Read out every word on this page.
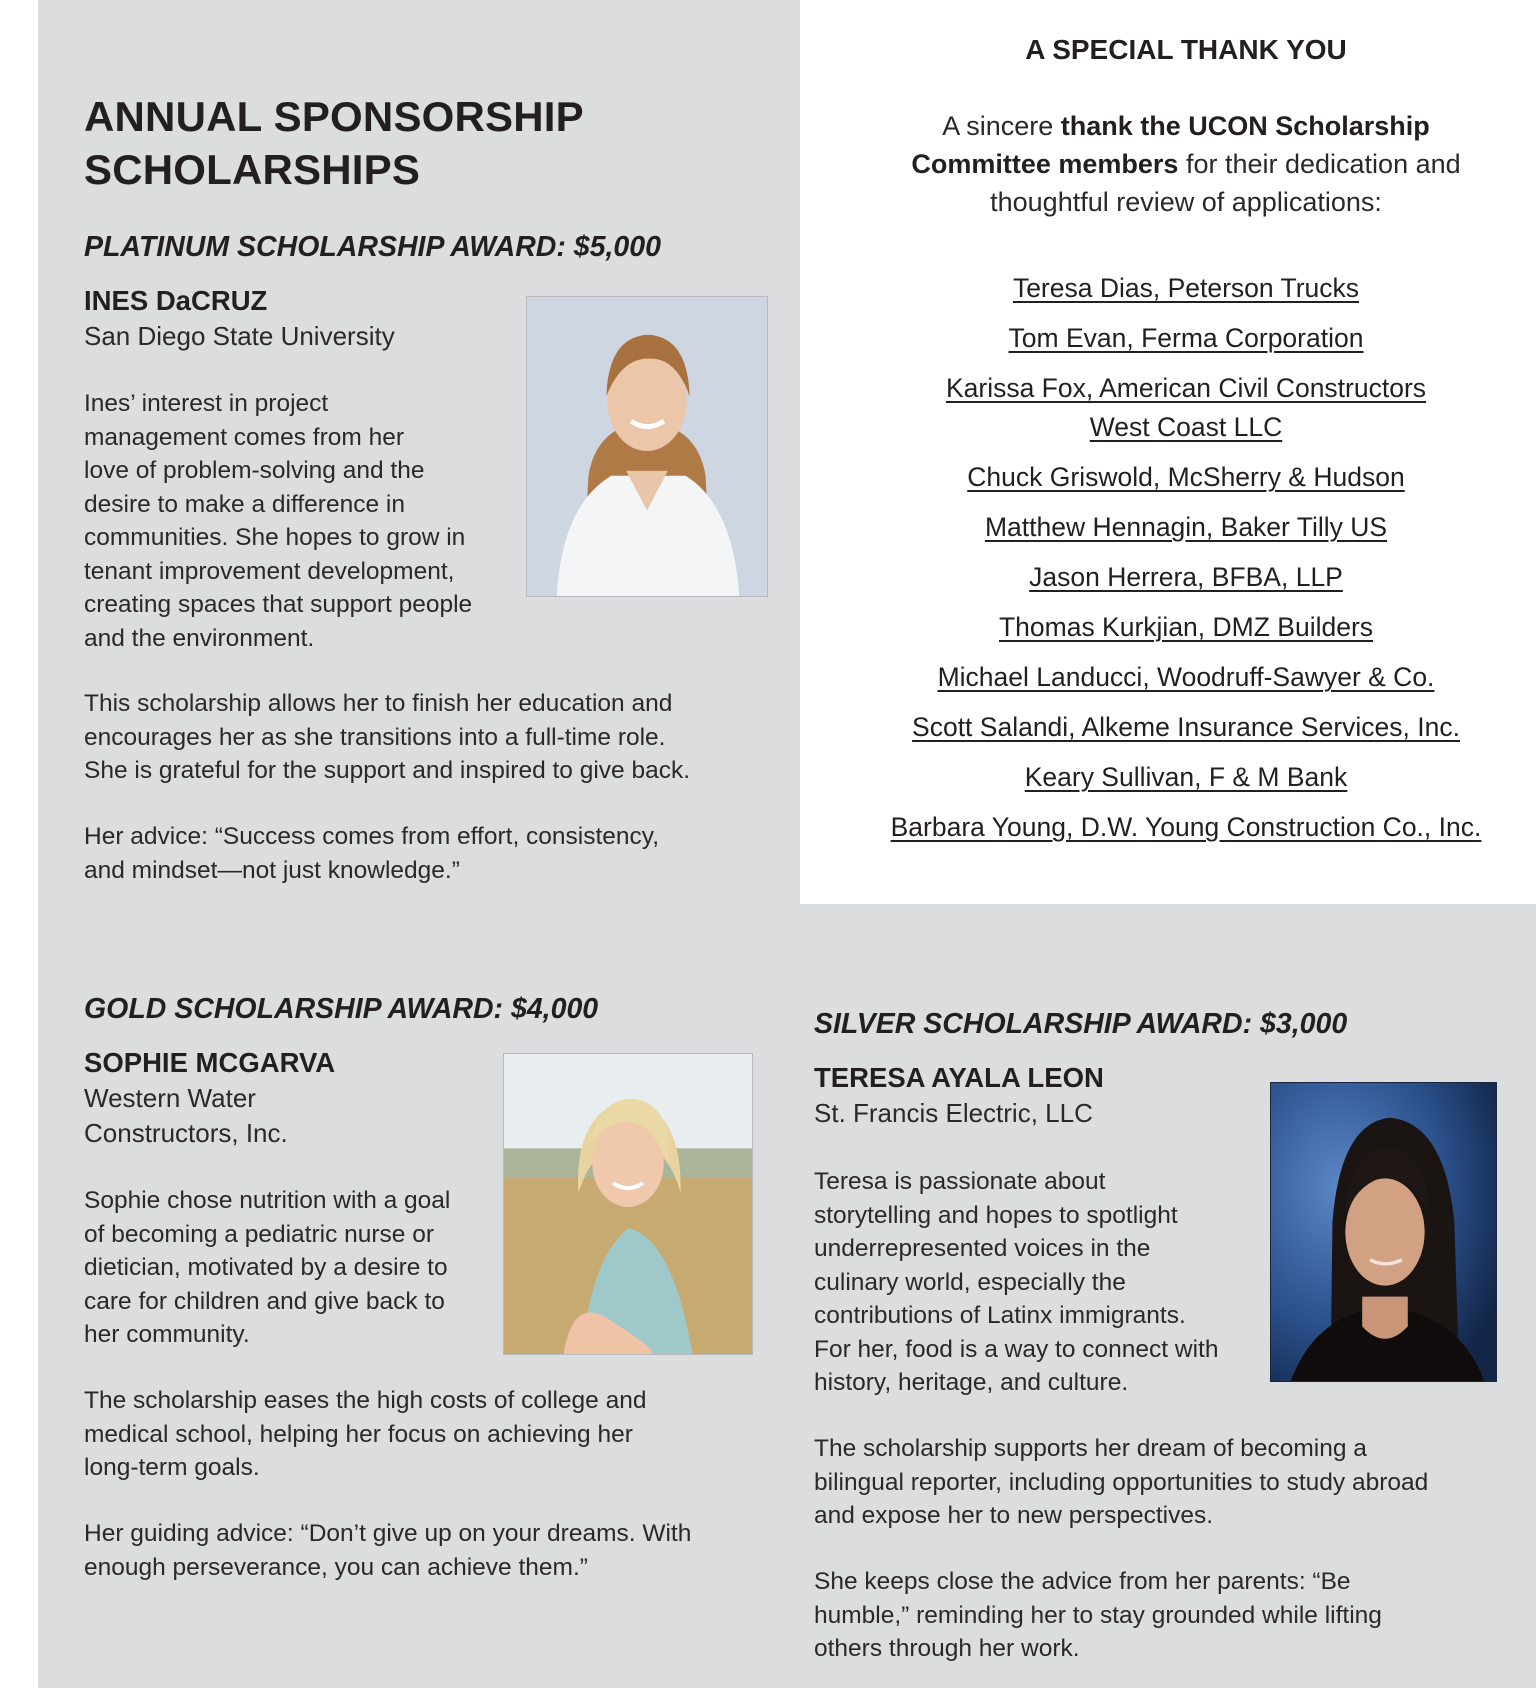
ANNUAL SPONSORSHIP
SCHOLARSHIPS
PLATINUM SCHOLARSHIP AWARD: $5,000
INES DaCRUZ
San Diego State University
Ines’ interest in project
management comes from her
love of problem-solving and the
desire to make a difference in
communities. She hopes to grow in
tenant improvement development,
creating spaces that support people
and the environment.
This scholarship allows her to finish her education and
encourages her as she transitions into a full-time role.
She is grateful for the support and inspired to give back.
Her advice: “Success comes from effort, consistency,
and mindset—not just knowledge.”
A SPECIAL THANK YOU
A sincere thank the UCON Scholarship
Committee members for their dedication and
thoughtful review of applications:
Teresa Dias, Peterson Trucks
Tom Evan, Ferma Corporation
Karissa Fox, American Civil Constructors
West Coast LLC
Chuck Griswold, McSherry & Hudson
Matthew Hennagin, Baker Tilly US
Jason Herrera, BFBA, LLP
Thomas Kurkjian, DMZ Builders
Michael Landucci, Woodruff-Sawyer & Co.
Scott Salandi, Alkeme Insurance Services, Inc.
Keary Sullivan, F & M Bank
Barbara Young, D.W. Young Construction Co., Inc.
GOLD SCHOLARSHIP AWARD: $4,000
SOPHIE MCGARVA
Western Water
Constructors, Inc.
Sophie chose nutrition with a goal
of becoming a pediatric nurse or
dietician, motivated by a desire to
care for children and give back to
her community.
The scholarship eases the high costs of college and
medical school, helping her focus on achieving her
long-term goals.
Her guiding advice: “Don’t give up on your dreams. With
enough perseverance, you can achieve them.”
SILVER SCHOLARSHIP AWARD: $3,000
TERESA AYALA LEON
St. Francis Electric, LLC
Teresa is passionate about
storytelling and hopes to spotlight
underrepresented voices in the
culinary world, especially the
contributions of Latinx immigrants.
For her, food is a way to connect with
history, heritage, and culture.
The scholarship supports her dream of becoming a
bilingual reporter, including opportunities to study abroad
and expose her to new perspectives.
She keeps close the advice from her parents: “Be
humble,” reminding her to stay grounded while lifting
others through her work.
